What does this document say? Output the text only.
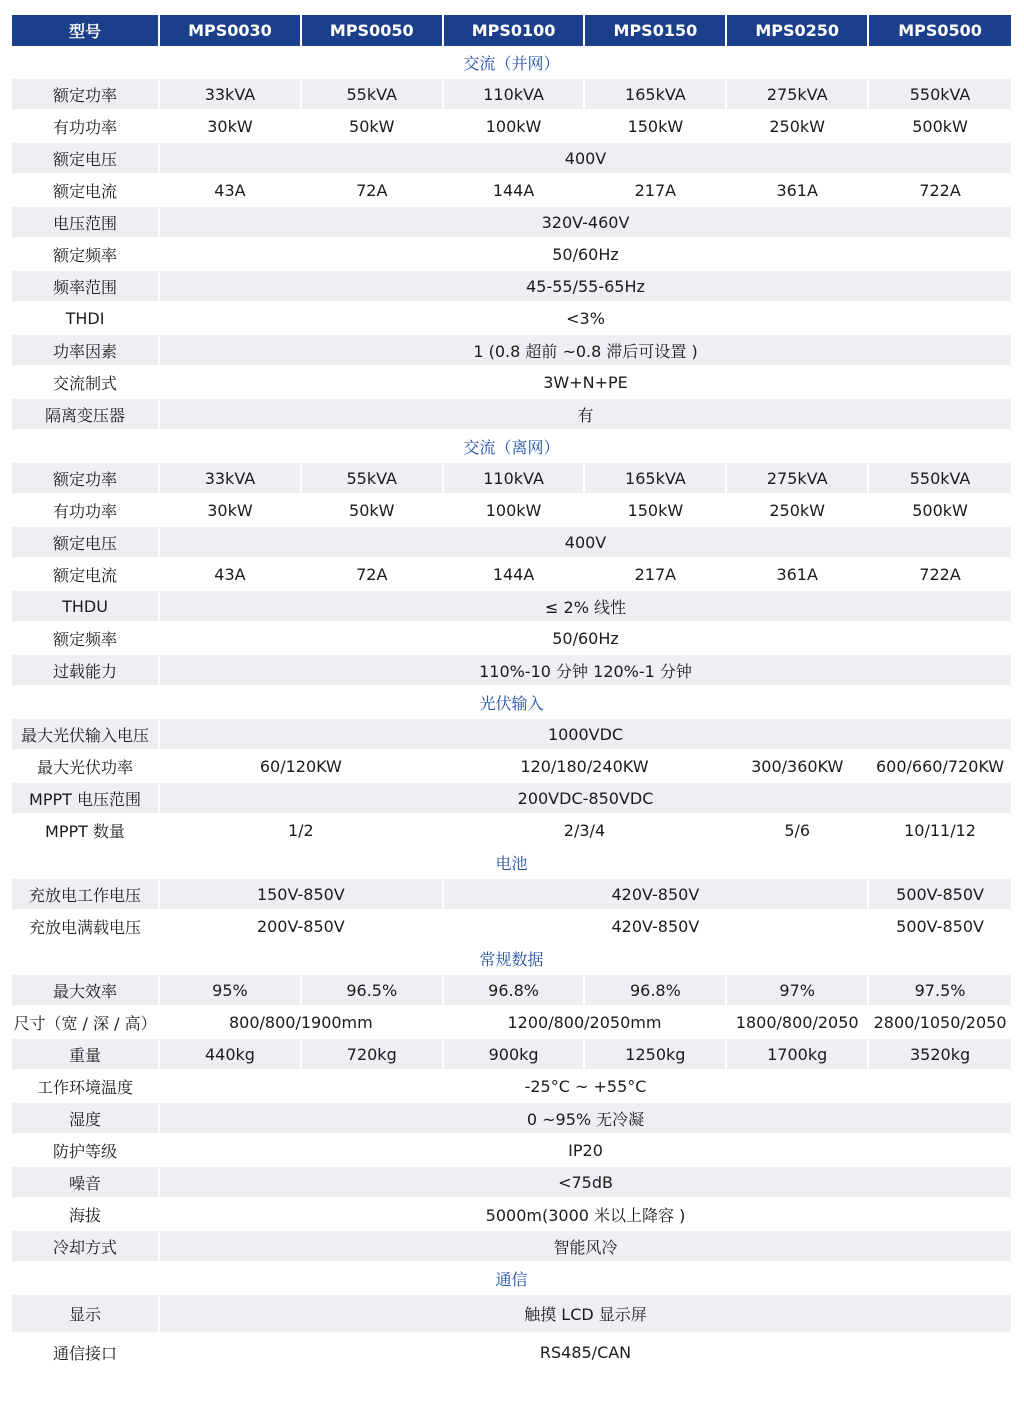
型号	MPS0030	MPS0050	MPS0100	MPS0150	MPS0250	MPS0500
交流（并网）						
额定功率	33kVA	55kVA	110kVA	165kVA	275kVA	550kVA
有功功率	30kW	50kW	100kW	150kW	250kW	500kW
额定电压	400V					
额定电流	43A	72A	144A	217A	361A	722A
电压范围	320V-460V					
额定频率	50/60Hz					
频率范围	45-55/55-65Hz					
THDI	<3%					
功率因素	1 (0.8 超前 ~0.8 滞后可设置 )					
交流制式	3W+N+PE					
隔离变压器	有					
交流（离网）						
额定功率	33kVA	55kVA	110kVA	165kVA	275kVA	550kVA
有功功率	30kW	50kW	100kW	150kW	250kW	500kW
额定电压	400V					
额定电流	43A	72A	144A	217A	361A	722A
THDU	≤ 2% 线性					
额定频率	50/60Hz					
过载能力	110%-10 分钟 120%-1 分钟					
光伏输入						
最大光伏输入电压	1000VDC					
最大光伏功率	60/120KW		120/180/240KW		300/360KW	600/660/720KW
MPPT 电压范围	200VDC-850VDC					
MPPT 数量	1/2		2/3/4		5/6	10/11/12
电池						
充放电工作电压	150V-850V		420V-850V			500V-850V
充放电满载电压	200V-850V		420V-850V			500V-850V
常规数据						
最大效率	95%	96.5%	96.8%	96.8%	97%	97.5%
尺寸（宽 / 深 / 高）	800/800/1900mm		1200/800/2050mm		1800/800/2050	2800/1050/2050
重量	440kg	720kg	900kg	1250kg	1700kg	3520kg
工作环境温度	-25°C ~ +55°C					
湿度	0 ~95% 无冷凝					
防护等级	IP20					
噪音	<75dB					
海拔	5000m(3000 米以上降容 )					
冷却方式	智能风冷					
通信						
显示	触摸 LCD 显示屏					
通信接口	RS485/CAN					
